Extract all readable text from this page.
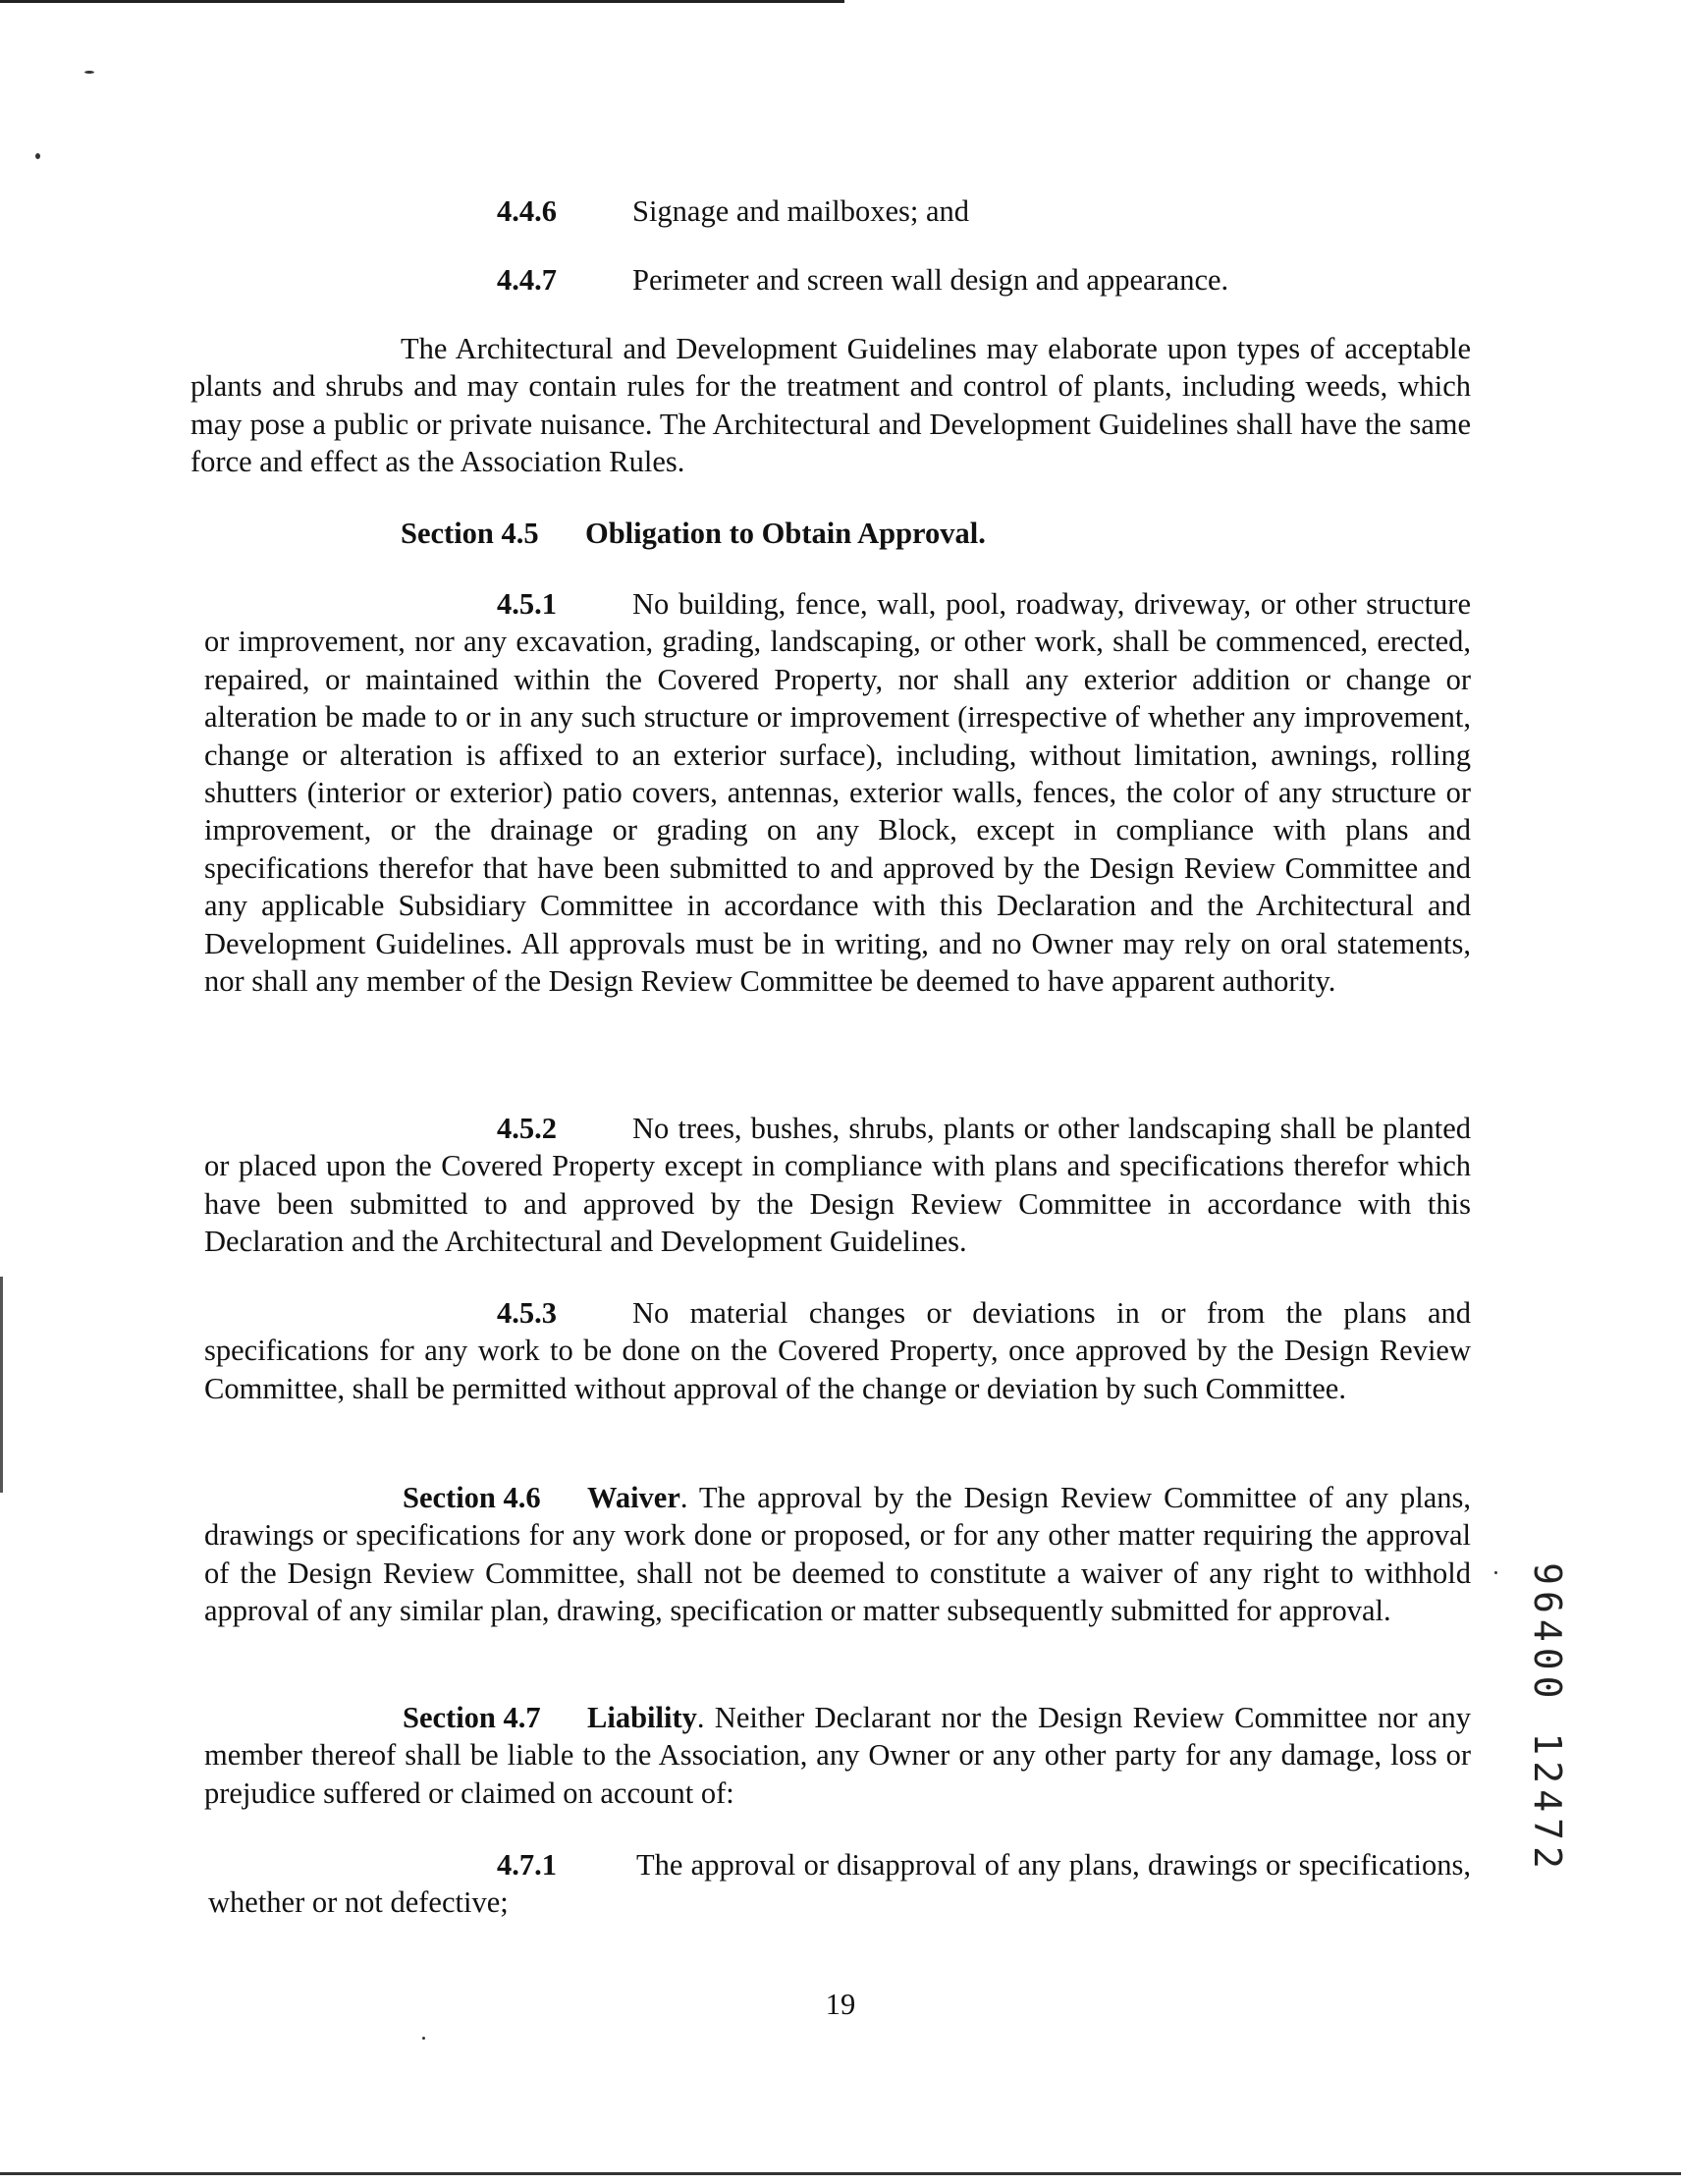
4.4.6	Signage and mailboxes; and

4.4.7	Perimeter and screen wall design and appearance.

The Architectural and Development Guidelines may elaborate upon types of acceptable plants and shrubs and may contain rules for the treatment and control of plants, including weeds, which may pose a public or private nuisance. The Architectural and Development Guidelines shall have the same force and effect as the Association Rules.

Section 4.5 Obligation to Obtain Approval.

4.5.1	No building, fence, wall, pool, roadway, driveway, or other structure or improvement, nor any excavation, grading, landscaping, or other work, shall be commenced, erected, repaired, or maintained within the Covered Property, nor shall any exterior addition or change or alteration be made to or in any such structure or improvement (irrespective of whether any improvement, change or alteration is affixed to an exterior surface), including, without limitation, awnings, rolling shutters (interior or exterior) patio covers, antennas, exterior walls, fences, the color of any structure or improvement, or the drainage or grading on any Block, except in compliance with plans and specifications therefor that have been submitted to and approved by the Design Review Committee and any applicable Subsidiary Committee in accordance with this Declaration and the Architectural and Development Guidelines. All approvals must be in writing, and no Owner may rely on oral statements, nor shall any member of the Design Review Committee be deemed to have apparent authority.

4.5.2	No trees, bushes, shrubs, plants or other landscaping shall be planted or placed upon the Covered Property except in compliance with plans and specifications therefor which have been submitted to and approved by the Design Review Committee in accordance with this Declaration and the Architectural and Development Guidelines.

4.5.3	No material changes or deviations in or from the plans and specifications for any work to be done on the Covered Property, once approved by the Design Review Committee, shall be permitted without approval of the change or deviation by such Committee.

Section 4.6 Waiver. The approval by the Design Review Committee of any plans, drawings or specifications for any work done or proposed, or for any other matter requiring the approval of the Design Review Committee, shall not be deemed to constitute a waiver of any right to withhold approval of any similar plan, drawing, specification or matter subsequently submitted for approval.

Section 4.7 Liability. Neither Declarant nor the Design Review Committee nor any member thereof shall be liable to the Association, any Owner or any other party for any damage, loss or prejudice suffered or claimed on account of:

4.7.1	The approval or disapproval of any plans, drawings or specifications, whether or not defective;

19

96400 12472
